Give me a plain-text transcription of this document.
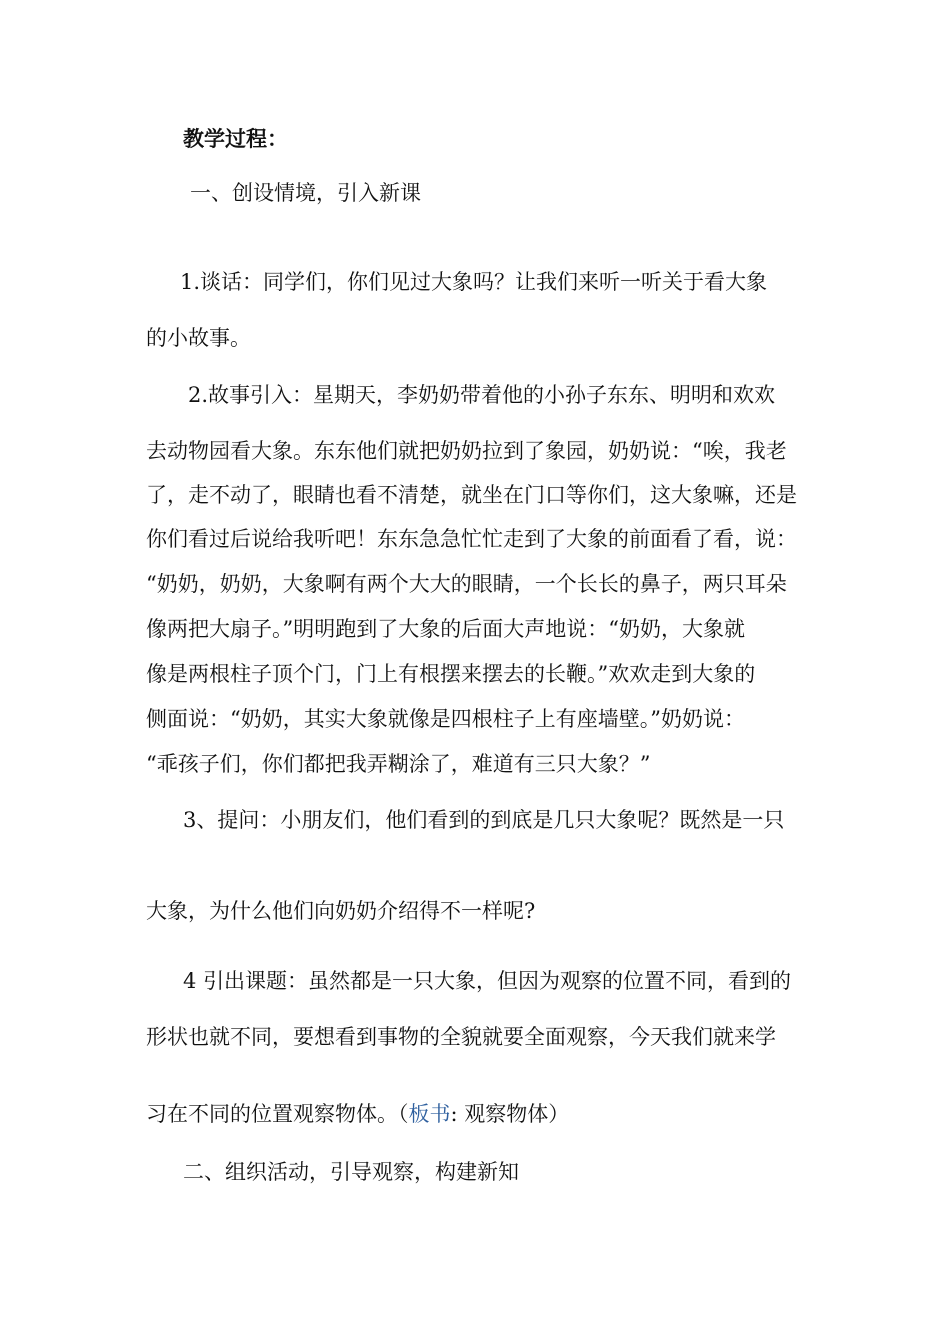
教学过程：

一、创设情境，引入新课

1.谈话：同学们，你们见过大象吗？让我们来听一听关于看大象

的小故事。

2.故事引入：星期天，李奶奶带着他的小孙子东东、明明和欢欢

去动物园看大象。东东他们就把奶奶拉到了象园，奶奶说：“唉，我老

了，走不动了，眼睛也看不清楚，就坐在门口等你们，这大象嘛，还是

你们看过后说给我听吧！东东急急忙忙走到了大象的前面看了看，说：

“奶奶，奶奶，大象啊有两个大大的眼睛，一个长长的鼻子，两只耳朵

像两把大扇子。”明明跑到了大象的后面大声地说：“奶奶，大象就

像是两根柱子顶个门，门上有根摆来摆去的长鞭。”欢欢走到大象的

侧面说：“奶奶，其实大象就像是四根柱子上有座墙壁。”奶奶说：

“乖孩子们，你们都把我弄糊涂了，难道有三只大象？”

3、提问：小朋友们，他们看到的到底是几只大象呢？既然是一只

大象，为什么他们向奶奶介绍得不一样呢?

4 引出课题：虽然都是一只大象，但因为观察的位置不同，看到的

形状也就不同，要想看到事物的全貌就要全面观察，今天我们就来学

习在不同的位置观察物体。（板书: 观察物体）

二、组织活动，引导观察，构建新知
